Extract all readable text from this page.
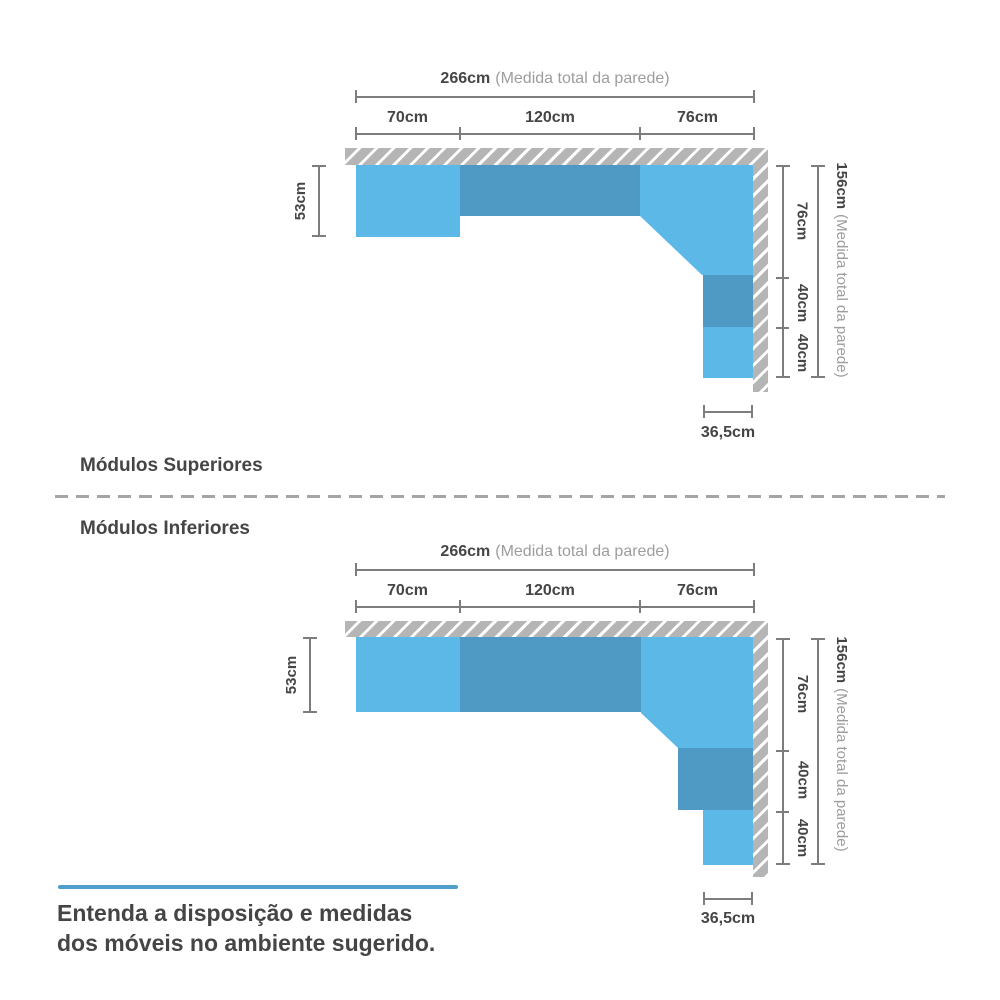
266cm (Medida total da parede)
70cm	120cm	76cm
53cm
76cm
40cm
40cm
156cm(Medida total da parede)
36,5cm
Módulos Superiores
Módulos Inferiores
266cm (Medida total da parede)
70cm	120cm	76cm
53cm	76cm
40cm
40cm
156cm(Medida total da parede)
36,5cm
Entenda a disposição e medidas
dos móveis no ambiente sugerido.
